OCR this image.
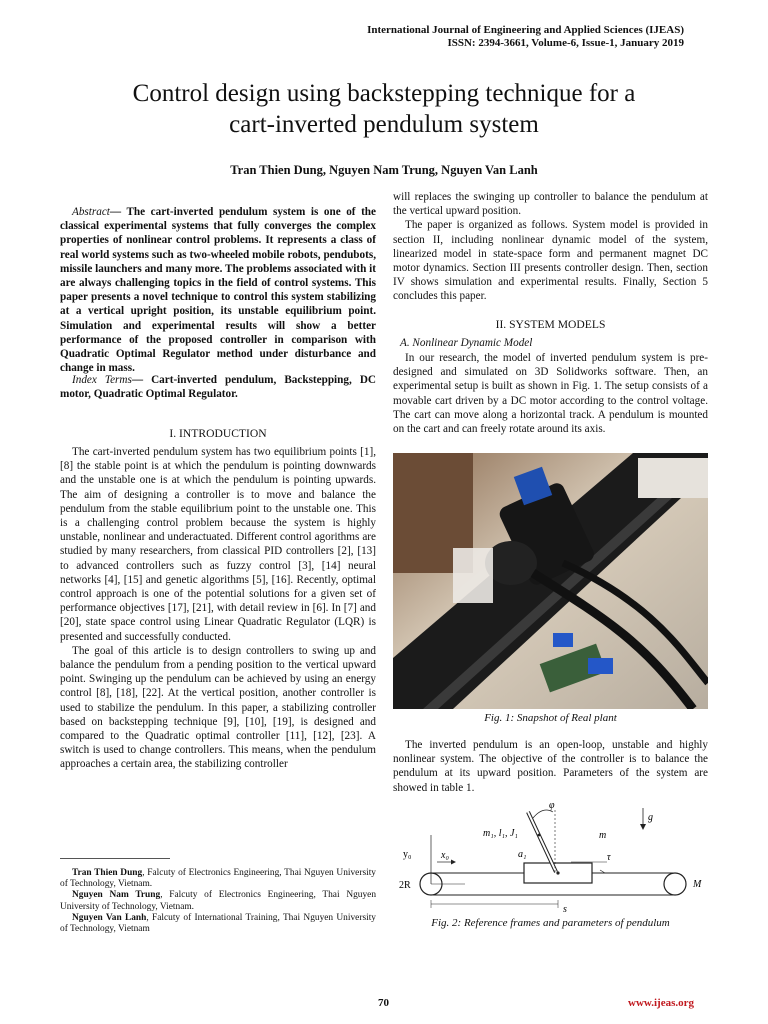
International Journal of Engineering and Applied Sciences (IJEAS)
ISSN: 2394-3661, Volume-6, Issue-1, January 2019
Control design using backstepping technique for a
cart-inverted pendulum system
Tran Thien Dung, Nguyen Nam Trung, Nguyen Van Lanh

Abstract— The cart-inverted pendulum system is one of the classical experimental systems that fully converges the complex properties of nonlinear control problems. It represents a class of real world systems such as two-wheeled mobile robots, pendubots, missile launchers and many more. The problems associated with it are always challenging topics in the field of control systems. This paper presents a novel technique to control this system stabilizing at a vertical upright position, its unstable equilibrium point. Simulation and experimental results will show a better performance of the proposed controller in comparison with Quadratic Optimal Regulator method under disturbance and change in mass.

Index Terms— Cart-inverted pendulum, Backstepping, DC motor, Quadratic Optimal Regulator.

I. INTRODUCTION

The cart-inverted pendulum system has two equilibrium points [1], [8] the stable point is at which the pendulum is pointing downwards and the unstable one is at which the pendulum is pointing upwards. The aim of designing a controller is to move and balance the pendulum from the stable equilibrium point to the unstable one. This is a challenging control problem because the system is highly unstable, nonlinear and underactuated. Different control agorithms are studied by many researchers, from classical PID controllers [2], [13] to advanced controllers such as fuzzy control [3], [14] neural networks [4], [15] and genetic algorithms [5], [16]. Recently, optimal control approach is one of the potential solutions for a given set of performance objectives [17], [21], with detail review in [6]. In [7] and [20], state space control using Linear Quadratic Regulator (LQR) is presented and successfully conducted.

The goal of this article is to design controllers to swing up and balance the pendulum from a pending position to the vertical upward point. Swinging up the pendulum can be achieved by using an energy control [8], [18], [22]. At the vertical position, another controller is used to stabilize the pendulum. In this paper, a stabilizing controller based on backstepping technique [9], [10], [19], is designed and compared to the Quadratic optimal controller [11], [12], [23]. A switch is used to change controllers. This means, when the pendulum approaches a certain area, the stabilizing controller

Tran Thien Dung, Falcuty of Electronics Engineering, Thai Nguyen University of Technology, Vietnam.

Nguyen Nam Trung, Falcuty of Electronics Engineering, Thai Nguyen University of Technology, Vietnam.

Nguyen Van Lanh, Falcuty of International Training, Thai Nguyen University of Technology, Vietnam

will replaces the swinging up controller to balance the pendulum at the vertical upward position.

The paper is organized as follows. System model is provided in section II, including nonlinear dynamic model of the system, linearized model in state-space form and permanent magnet DC motor dynamics. Section III presents controller design. Then, section IV shows simulation and experimental results. Finally, Section 5 concludes this paper.

II. SYSTEM MODELS
A. Nonlinear Dynamic Model

In our research, the model of inverted pendulum system is pre-designed and simulated on 3D Solidworks software. Then, an experimental setup is built as shown in Fig. 1. The setup consists of a movable cart driven by a DC motor according to the control voltage. The cart can move along a horizontal track. A pendulum is mounted on the cart and can freely rotate around its axis.

Fig. 1: Snapshot of Real plant

The inverted pendulum is an open-loop, unstable and highly nonlinear system. The objective of the controller is to balance the pendulum at its upward position. Parameters of the system are showed in table 1.

φ
g
m₁, l₁, J₁	m
y₀	x₀	a₁	τ
2R	M
s
Fig. 2: Reference frames and parameters of pendulum
70	www.ijeas.org
